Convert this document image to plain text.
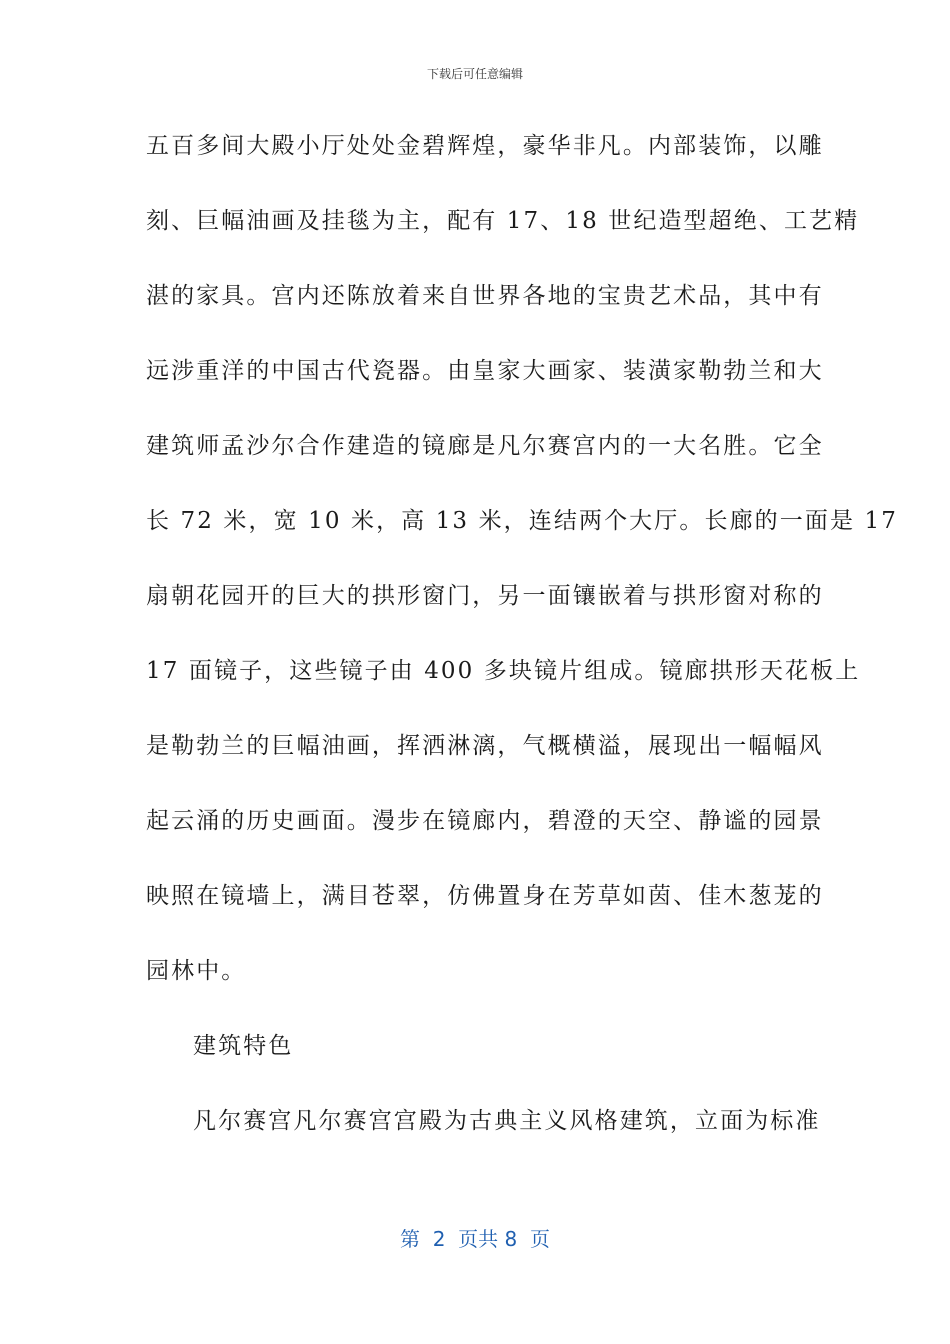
下载后可任意编辑
五百多间大殿小厅处处金碧辉煌，豪华非凡。内部装饰，以雕
刻、巨幅油画及挂毯为主，配有 17、18 世纪造型超绝、工艺精
湛的家具。宫内还陈放着来自世界各地的宝贵艺术品，其中有
远涉重洋的中国古代瓷器。由皇家大画家、装潢家勒勃兰和大
建筑师孟沙尔合作建造的镜廊是凡尔赛宫内的一大名胜。它全
长 72 米，宽 10 米，高 13 米，连结两个大厅。长廊的一面是 17
扇朝花园开的巨大的拱形窗门，另一面镶嵌着与拱形窗对称的
17 面镜子，这些镜子由 400 多块镜片组成。镜廊拱形天花板上
是勒勃兰的巨幅油画，挥洒淋漓，气概横溢，展现出一幅幅风
起云涌的历史画面。漫步在镜廊内，碧澄的天空、静谧的园景
映照在镜墙上，满目苍翠，仿佛置身在芳草如茵、佳木葱茏的
园林中。
建筑特色
凡尔赛宫凡尔赛宫宫殿为古典主义风格建筑，立面为标准
第  2  页共 8  页
